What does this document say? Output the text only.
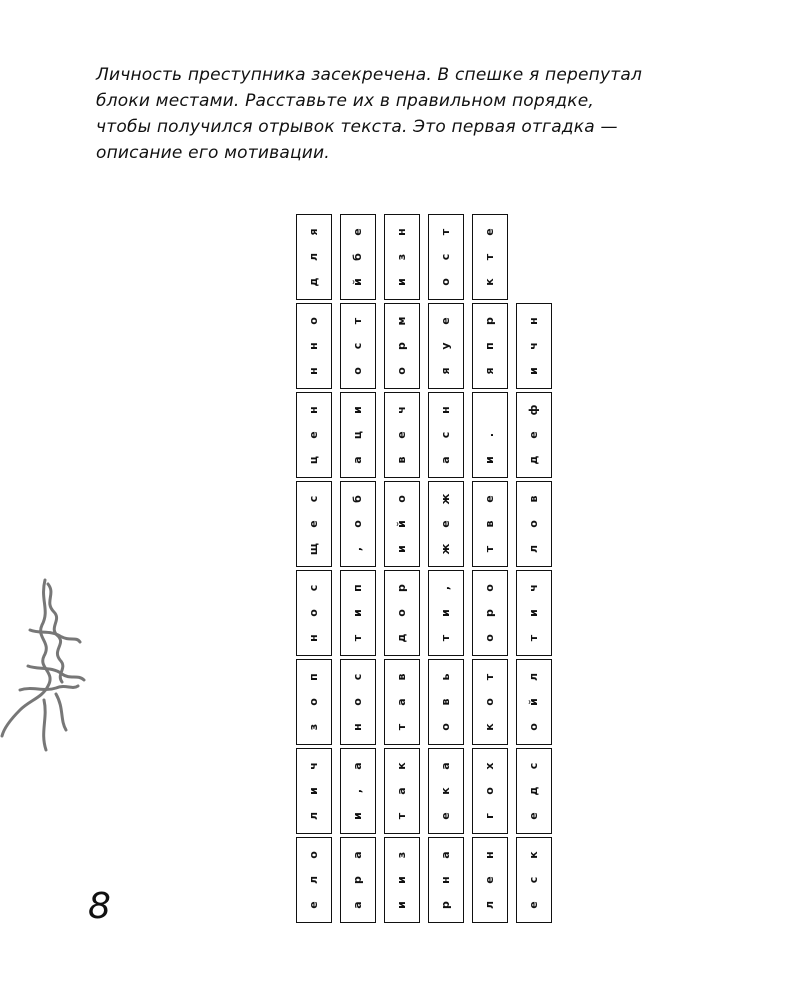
Личность преступника засекречена. В спешке я перепутал

блоки местами. Расставьте их в правильном порядке,

чтобы получился отрывок текста. Это первая отгадка —

описание его мотивации.

я
л
д
е
б
й
н
з
и
т
с
о
е
т
к
о
н
н
т
с
о
м
р
о
е
у
я
р
п
я
н
ч
и
н
е
ц
и
ц
а
ч
е
в
н
с
а
.
и
ф
е
д
с
е
щ
б
о
,
о
й
и
ж
е
ж
е
в
т
в
о
л
с
о
н
п
и
т
р
о
д
,
и
т
о
р
о
ч
и
т
п
о
з
с
о
н
в
а
т
ь
в
о
т
о
к
л
й
о
ч
и
л
а
,
и
к
а
т
а
к
е
х
о
г
с
д
е
о
л
е
а
р
а
з
и
и
а
н
р
н
е
л
к
с
е
8
